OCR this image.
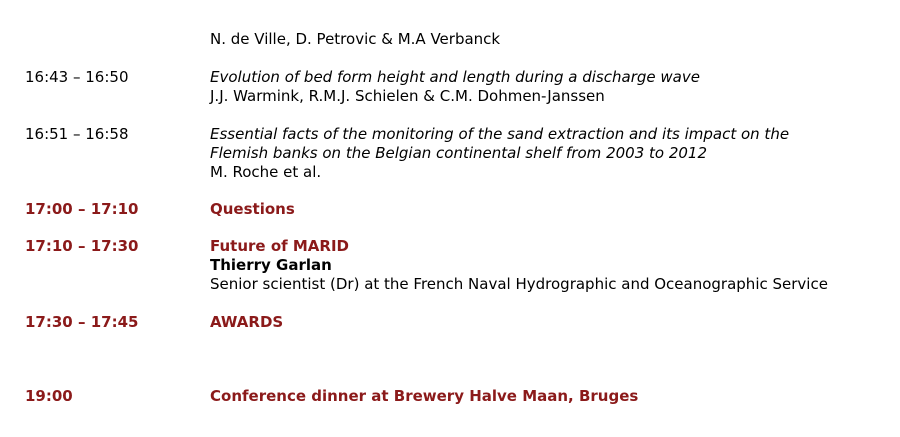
N. de Ville, D. Petrovic & M.A Verbanck
16:43 – 16:50	Evolution of bed form height and length during a discharge wave
J.J. Warmink, R.M.J. Schielen & C.M. Dohmen-Janssen
16:51 – 16:58	Essential facts of the monitoring of the sand extraction and its impact on the
Flemish banks on the Belgian continental shelf from 2003 to 2012
M. Roche et al.
17:00 – 17:10	Questions
17:10 – 17:30	Future of MARID
Thierry Garlan
Senior scientist (Dr) at the French Naval Hydrographic and Oceanographic Service
17:30 – 17:45	AWARDS
19:00	Conference dinner at Brewery Halve Maan, Bruges
